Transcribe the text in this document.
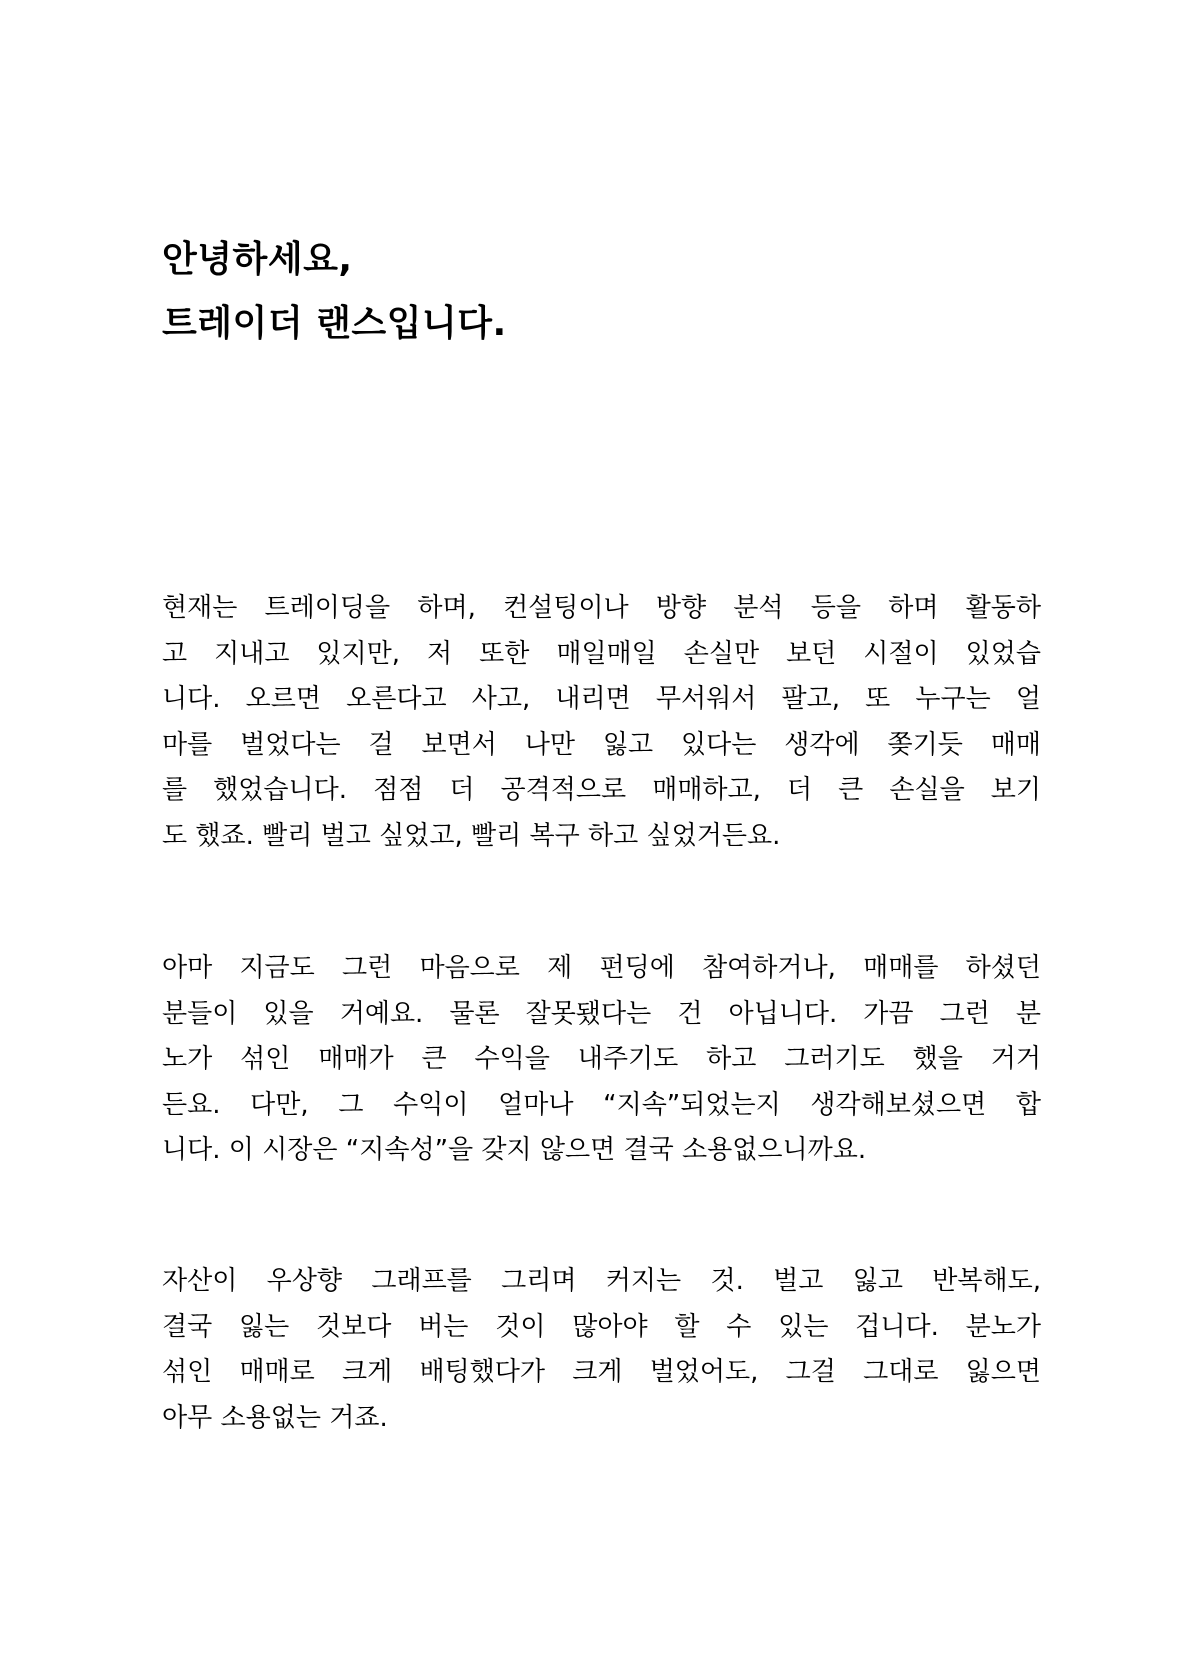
안녕하세요,
트레이더 랜스입니다.

현재는 트레이딩을 하며, 컨설팅이나 방향 분석 등을 하며 활동하
고 지내고 있지만, 저 또한 매일매일 손실만 보던 시절이 있었습
니다. 오르면 오른다고 사고, 내리면 무서워서 팔고, 또 누구는 얼
마를 벌었다는 걸 보면서 나만 잃고 있다는 생각에 쫒기듯 매매
를 했었습니다. 점점 더 공격적으로 매매하고, 더 큰 손실을 보기
도 했죠. 빨리 벌고 싶었고, 빨리 복구 하고 싶었거든요.

아마 지금도 그런 마음으로 제 펀딩에 참여하거나, 매매를 하셨던
분들이 있을 거예요. 물론 잘못됐다는 건 아닙니다. 가끔 그런 분
노가 섞인 매매가 큰 수익을 내주기도 하고 그러기도 했을 거거
든요. 다만, 그 수익이 얼마나 “지속”되었는지 생각해보셨으면 합
니다. 이 시장은 “지속성”을 갖지 않으면 결국 소용없으니까요.

자산이 우상향 그래프를 그리며 커지는 것. 벌고 잃고 반복해도,
결국 잃는 것보다 버는 것이 많아야 할 수 있는 겁니다. 분노가
섞인 매매로 크게 배팅했다가 크게 벌었어도, 그걸 그대로 잃으면
아무 소용없는 거죠.
